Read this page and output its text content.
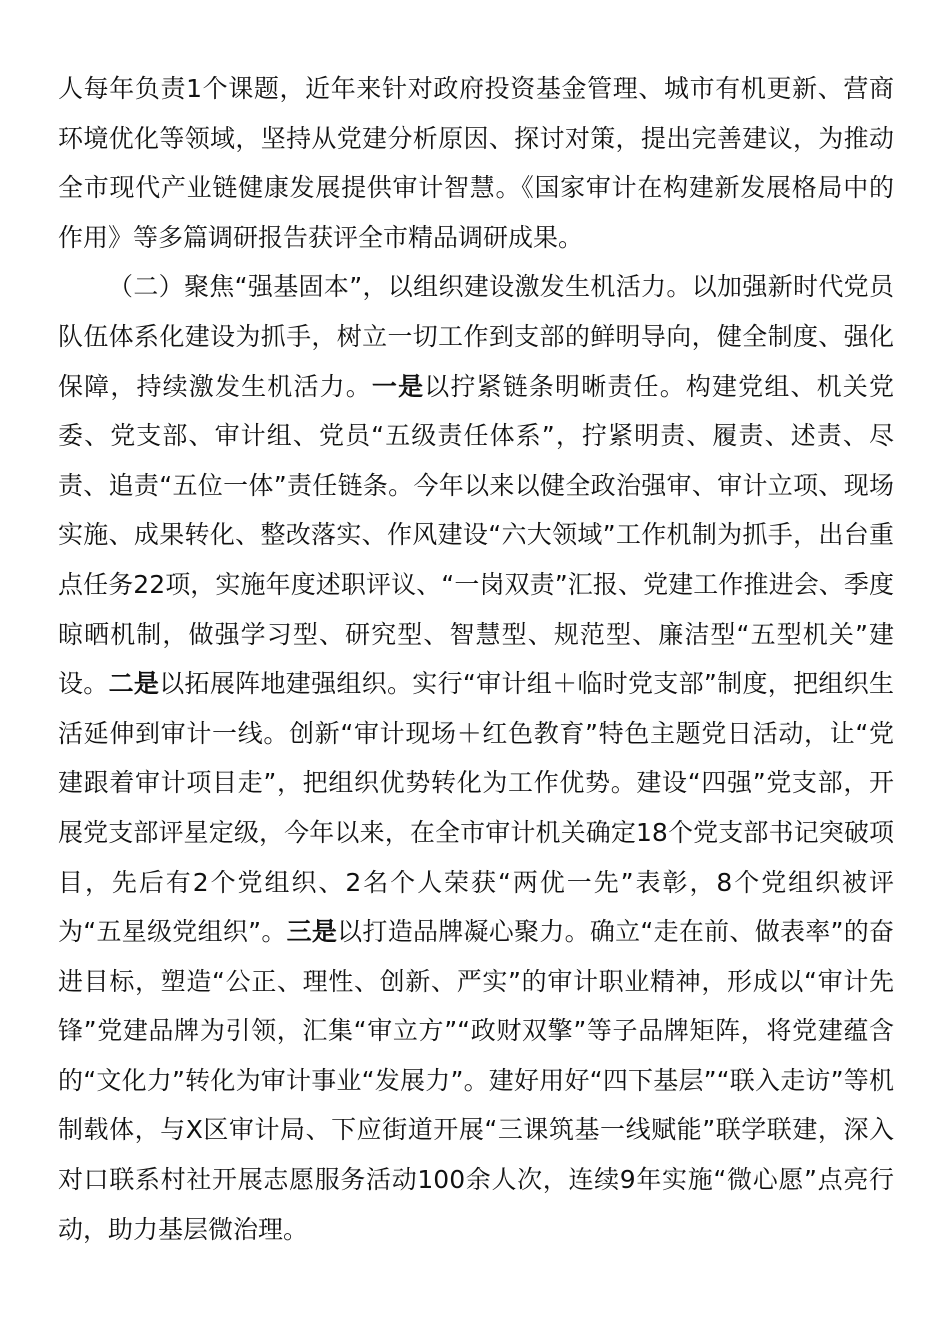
人每年负责1个课题，近年来针对政府投资基金管理、城市有机更新、营商环境优化等领域，坚持从党建分析原因、探讨对策，提出完善建议，为推动全市现代产业链健康发展提供审计智慧。《国家审计在构建新发展格局中的作用》等多篇调研报告获评全市精品调研成果。

（二）聚焦“强基固本”，以组织建设激发生机活力。以加强新时代党员队伍体系化建设为抓手，树立一切工作到支部的鲜明导向，健全制度、强化保障，持续激发生机活力。一是以拧紧链条明晰责任。构建党组、机关党委、党支部、审计组、党员“五级责任体系”，拧紧明责、履责、述责、尽责、追责“五位一体”责任链条。今年以来以健全政治强审、审计立项、现场实施、成果转化、整改落实、作风建设“六大领域”工作机制为抓手，出台重点任务22项，实施年度述职评议、“一岗双责”汇报、党建工作推进会、季度晾晒机制，做强学习型、研究型、智慧型、规范型、廉洁型“五型机关”建设。二是以拓展阵地建强组织。实行“审计组＋临时党支部”制度，把组织生活延伸到审计一线。创新“审计现场＋红色教育”特色主题党日活动，让“党建跟着审计项目走”，把组织优势转化为工作优势。建设“四强”党支部，开展党支部评星定级，今年以来，在全市审计机关确定18个党支部书记突破项目，先后有2个党组织、2名个人荣获“两优一先”表彰，8个党组织被评为“五星级党组织”。三是以打造品牌凝心聚力。确立“走在前、做表率”的奋进目标，塑造“公正、理性、创新、严实”的审计职业精神，形成以“审计先锋”党建品牌为引领，汇集“审立方”“政财双擎”等子品牌矩阵，将党建蕴含的“文化力”转化为审计事业“发展力”。建好用好“四下基层”“联入走访”等机制载体，与X区审计局、下应街道开展“三课筑基一线赋能”联学联建，深入对口联系村社开展志愿服务活动100余人次，连续9年实施“微心愿”点亮行动，助力基层微治理。
